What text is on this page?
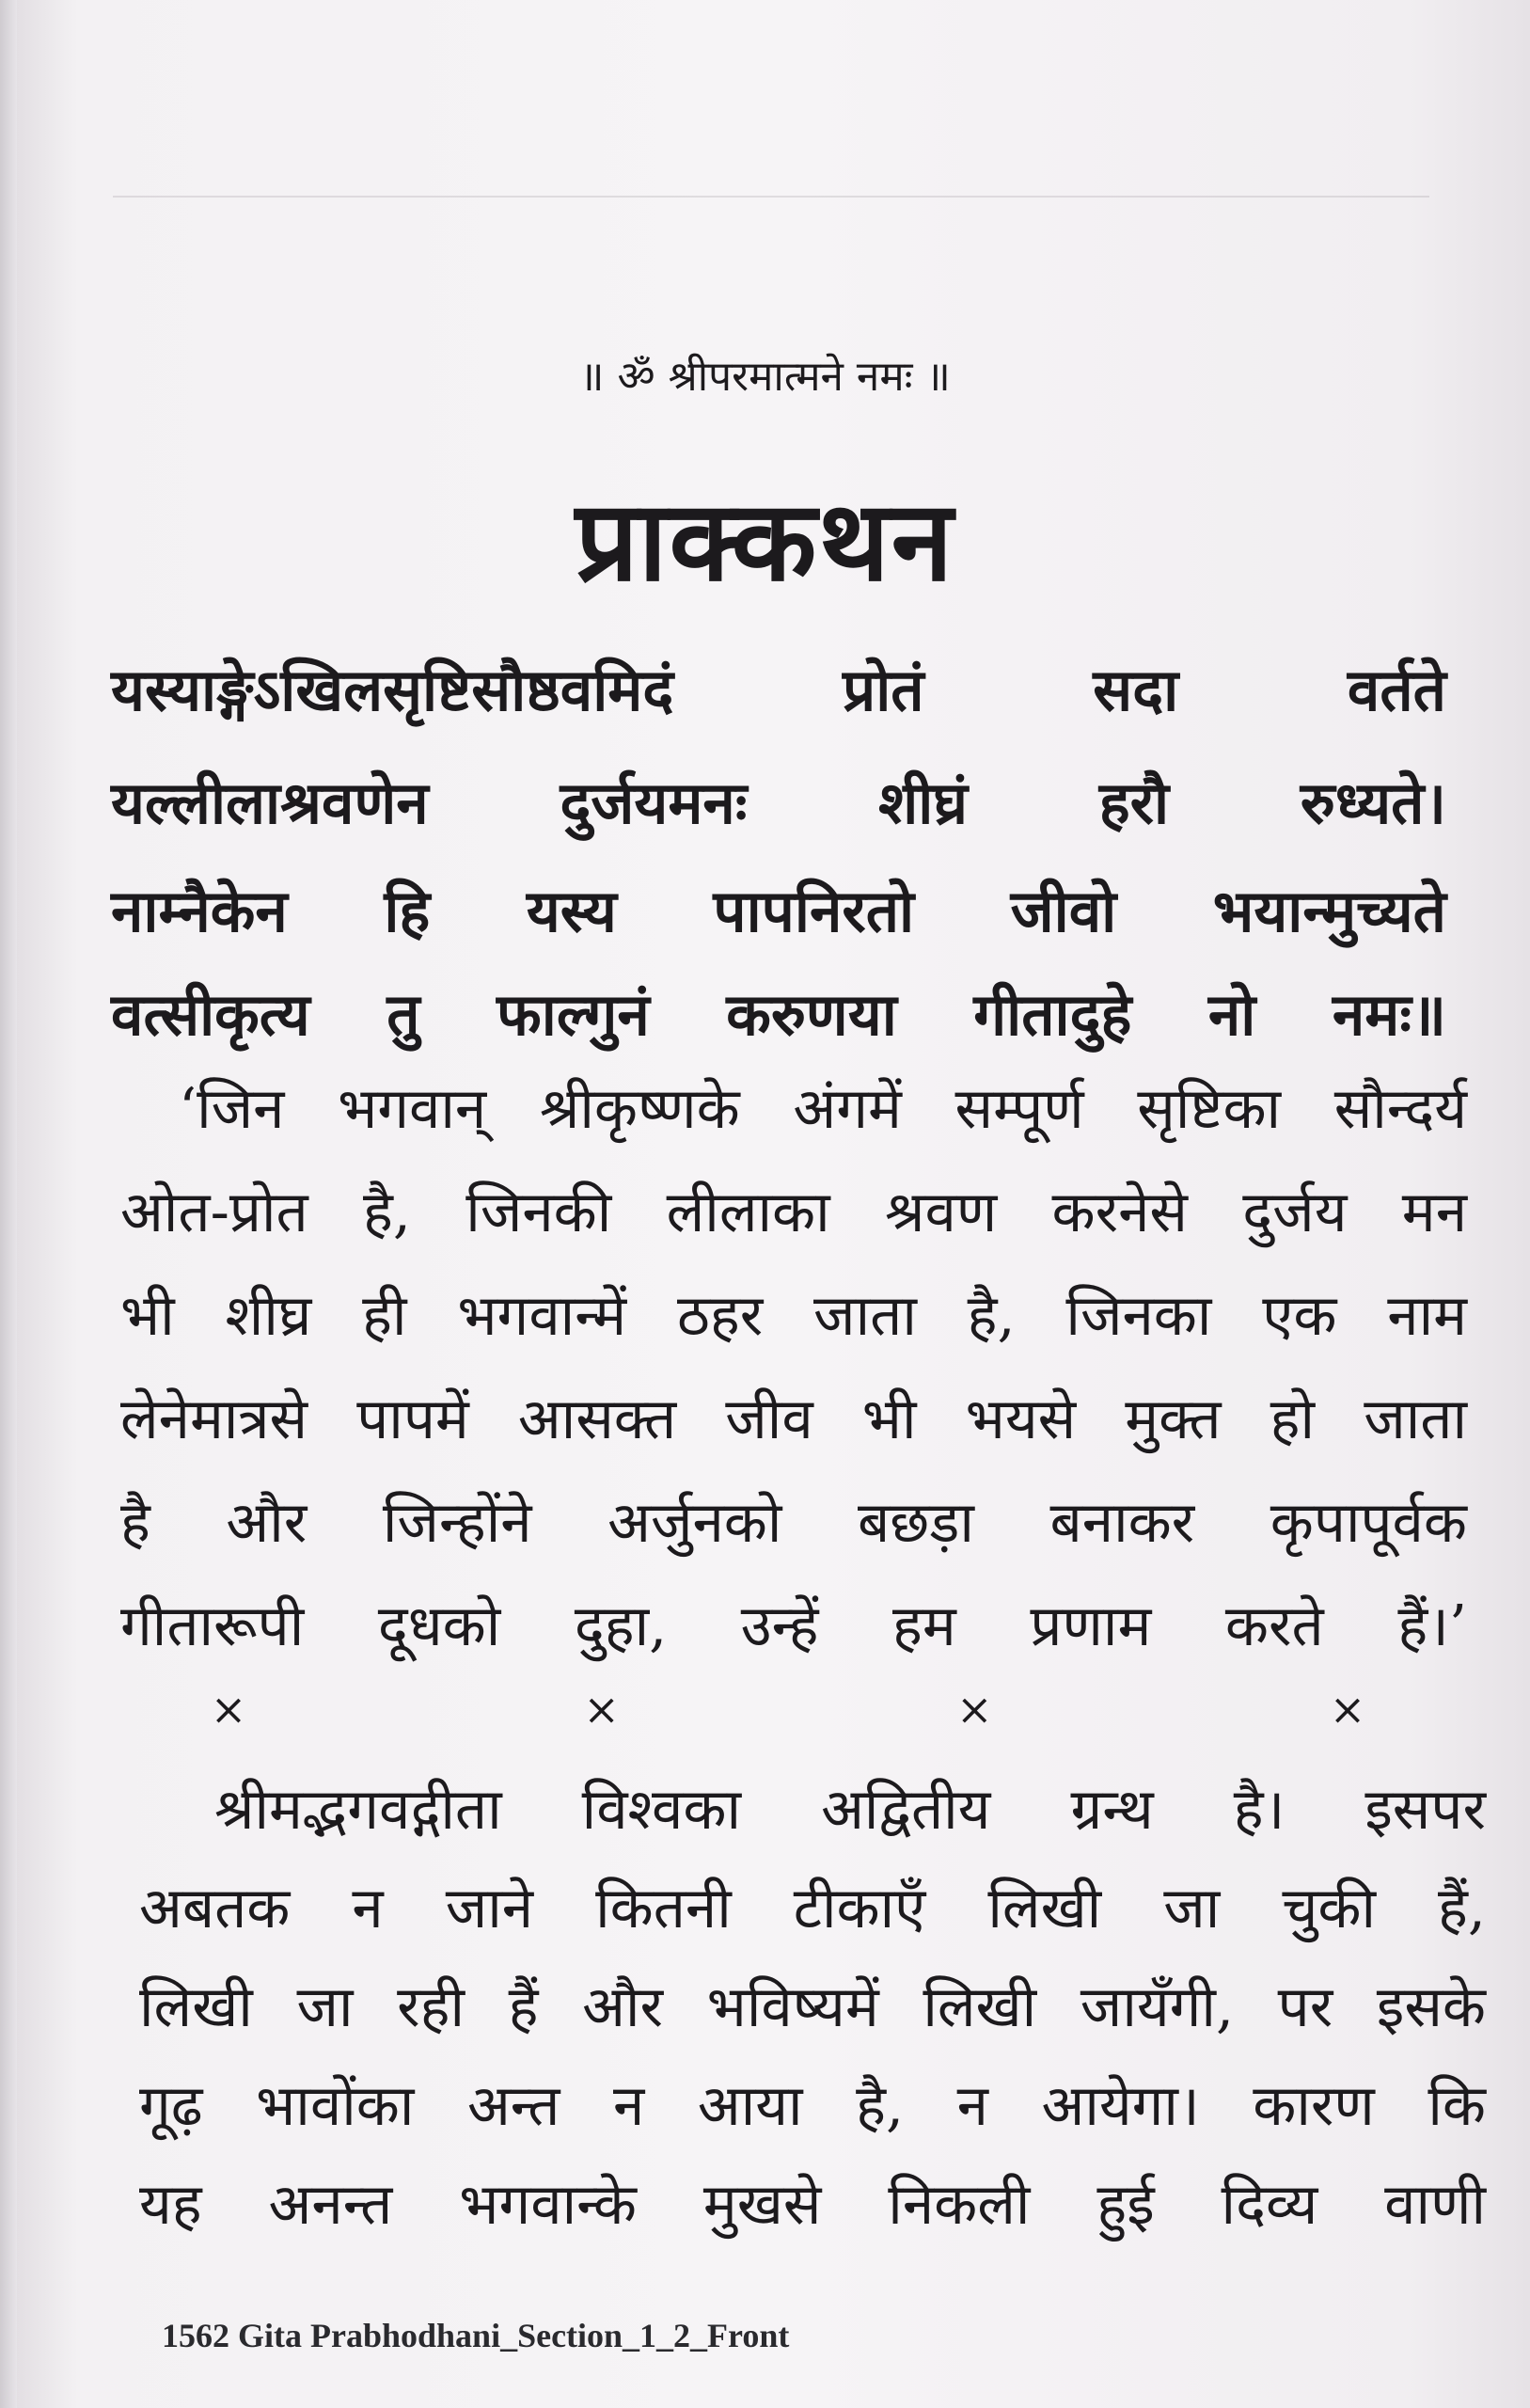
॥ ॐ श्रीपरमात्मने नमः ॥
प्राक्कथन
यस्याङ्गेऽखिलसृष्टिसौष्ठवमिदं प्रोतं सदा वर्तते
यल्लीलाश्रवणेन दुर्जयमनः शीघ्रं हरौ रुध्यते।
नाम्नैकेन हि यस्य पापनिरतो जीवो भयान्मुच्यते
वत्सीकृत्य तु फाल्गुनं करुणया गीतादुहे नो नमः॥
‘जिन भगवान् श्रीकृष्णके अंगमें सम्पूर्ण सृष्टिका सौन्दर्य
ओत-प्रोत है, जिनकी लीलाका श्रवण करनेसे दुर्जय मन
भी शीघ्र ही भगवान्में ठहर जाता है, जिनका एक नाम
लेनेमात्रसे पापमें आसक्त जीव भी भयसे मुक्त हो जाता
है और जिन्होंने अर्जुनको बछड़ा बनाकर कृपापूर्वक
गीतारूपी दूधको दुहा, उन्हें हम प्रणाम करते हैं।’
×	×	×	×
श्रीमद्भगवद्गीता विश्वका अद्वितीय ग्रन्थ है। इसपर
अबतक न जाने कितनी टीकाएँ लिखी जा चुकी हैं,
लिखी जा रही हैं और भविष्यमें लिखी जायँगी, पर इसके
गूढ़ भावोंका अन्त न आया है, न आयेगा। कारण कि
यह अनन्त भगवान्के मुखसे निकली हुई दिव्य वाणी
1562 Gita Prabhodhani_Section_1_2_Front
